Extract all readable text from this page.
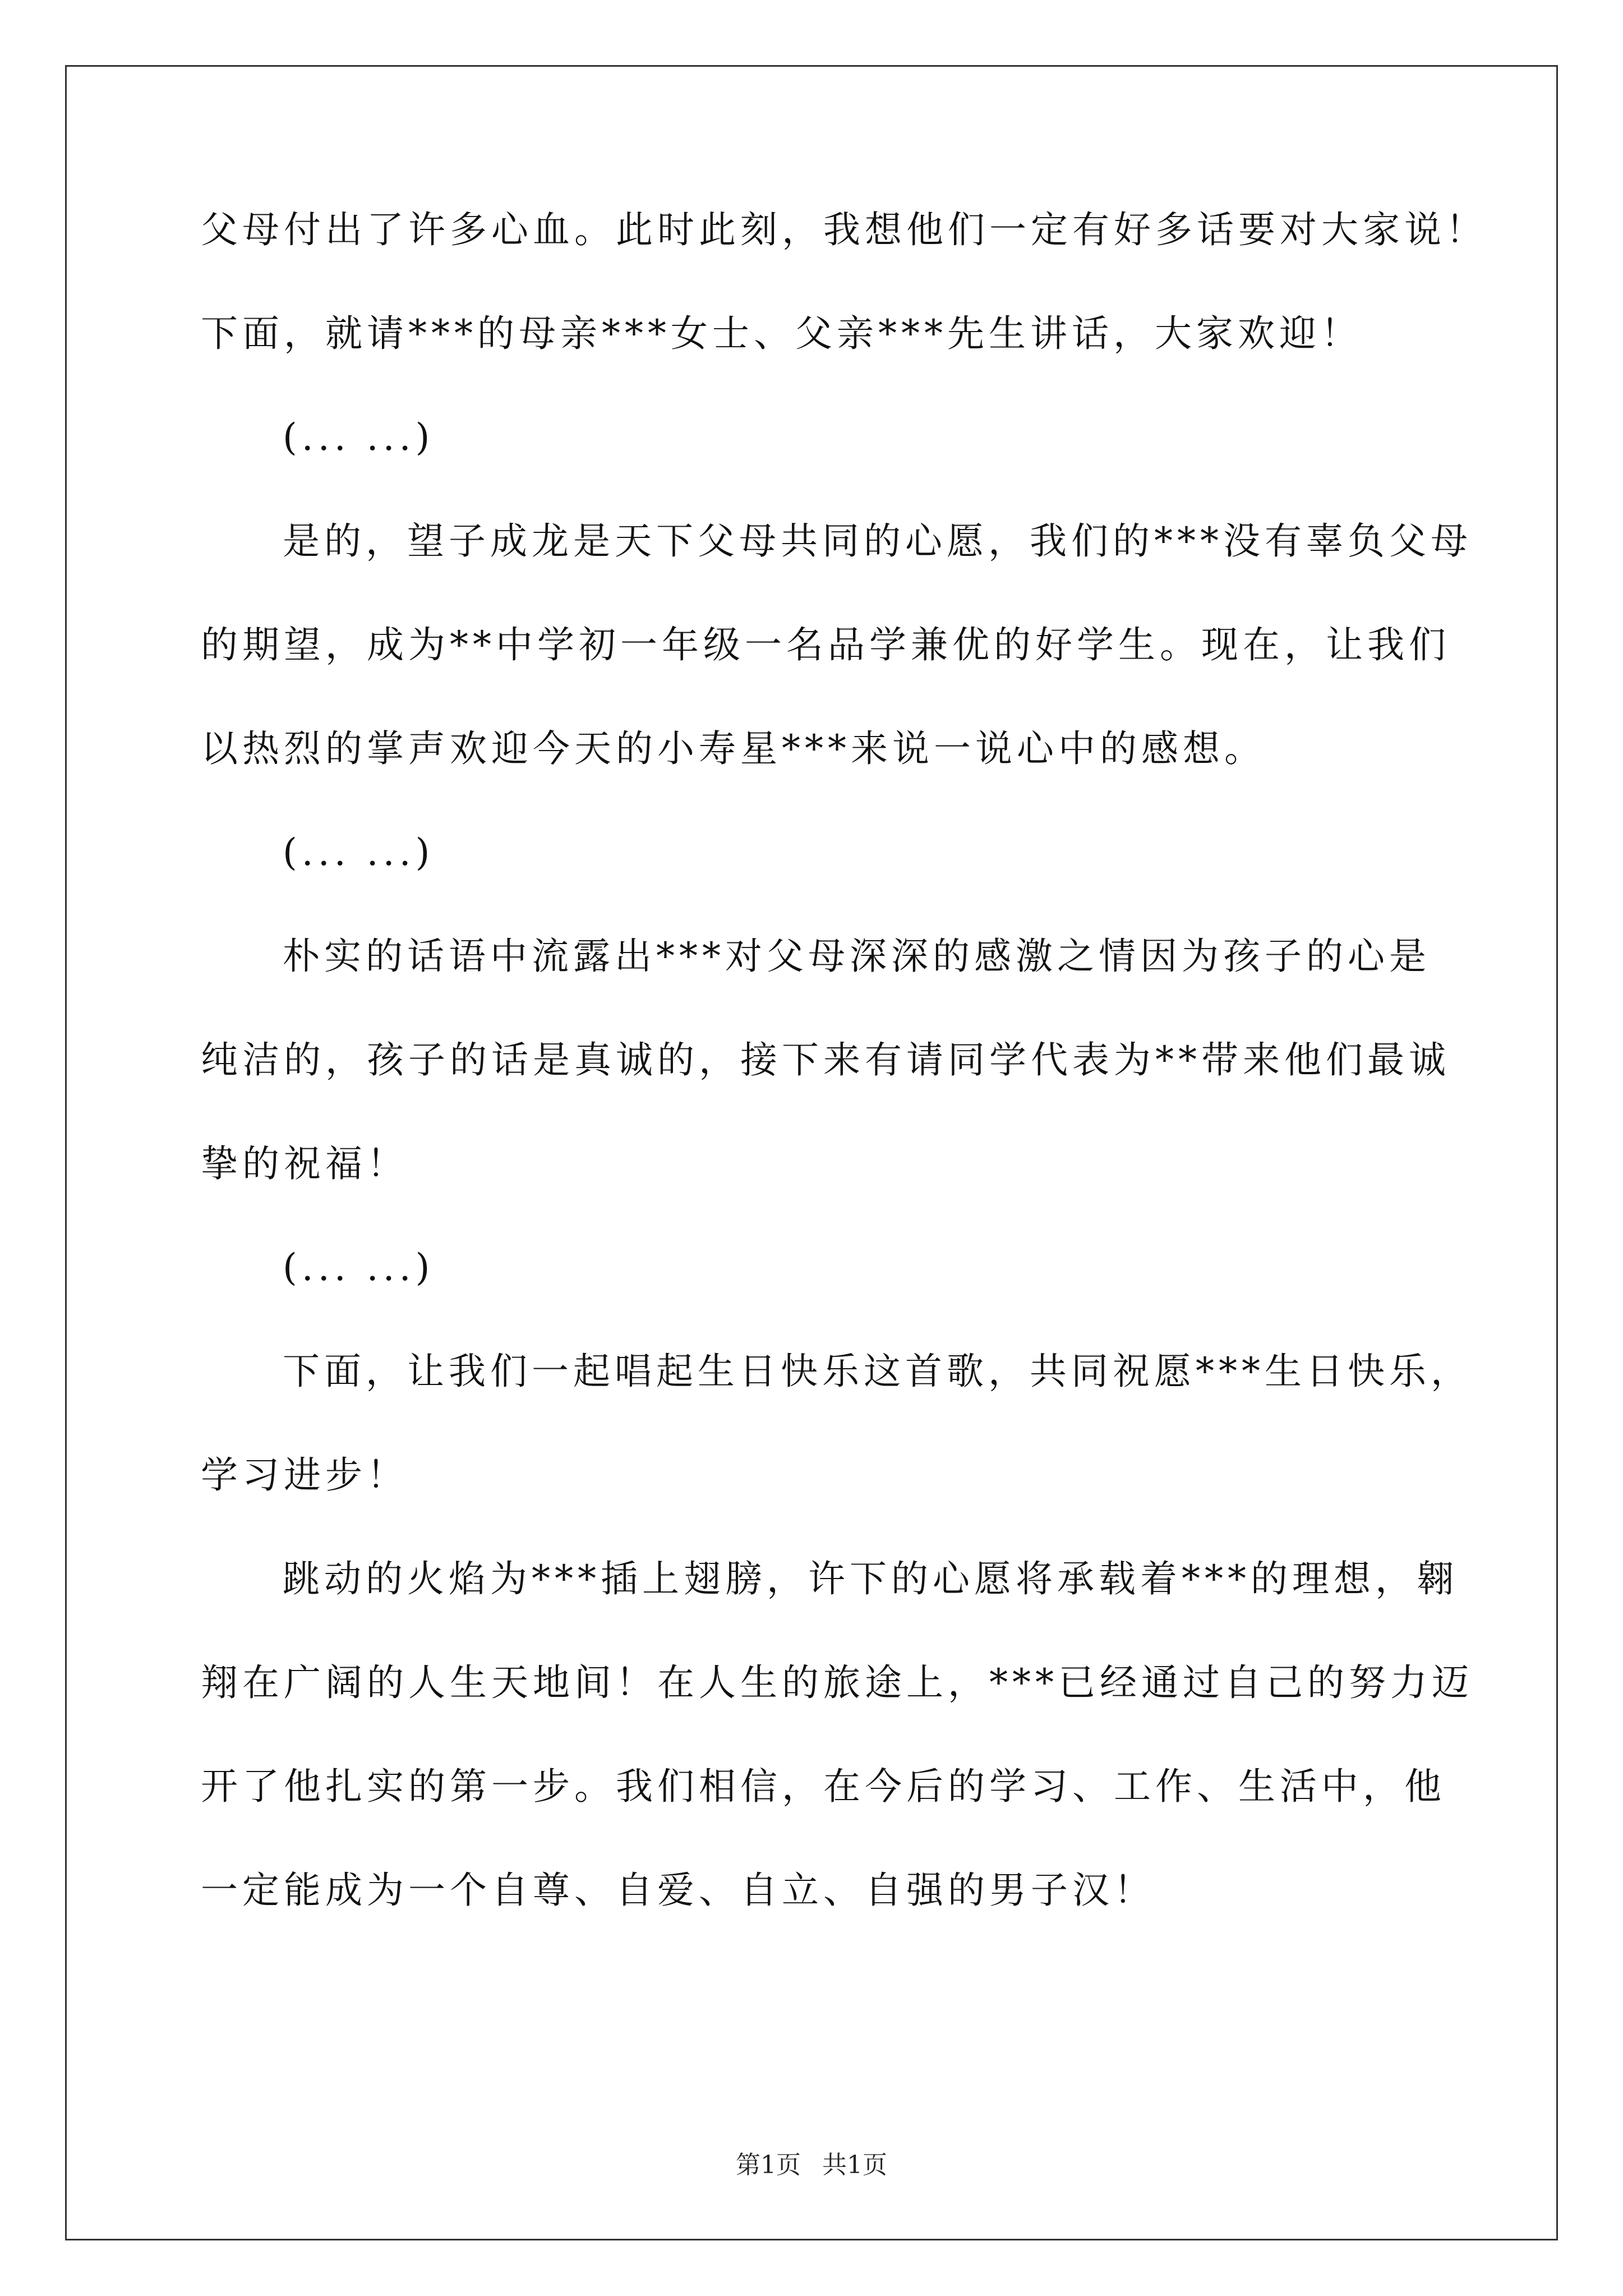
父母付出了许多心血。此时此刻，我想他们一定有好多话要对大家说！
下面，就请***的母亲***女士、父亲***先生讲话，大家欢迎！
(... ...)
是的，望子成龙是天下父母共同的心愿，我们的***没有辜负父母
的期望，成为**中学初一年级一名品学兼优的好学生。现在，让我们
以热烈的掌声欢迎今天的小寿星***来说一说心中的感想。
(... ...)
朴实的话语中流露出***对父母深深的感激之情因为孩子的心是
纯洁的，孩子的话是真诚的，接下来有请同学代表为**带来他们最诚
挚的祝福！
(... ...)
下面，让我们一起唱起生日快乐这首歌，共同祝愿***生日快乐，
学习进步！
跳动的火焰为***插上翅膀，许下的心愿将承载着***的理想，翱
翔在广阔的人生天地间！在人生的旅途上，***已经通过自己的努力迈
开了他扎实的第一步。我们相信，在今后的学习、工作、生活中，他
一定能成为一个自尊、自爱、自立、自强的男子汉！
第1页 共1页
